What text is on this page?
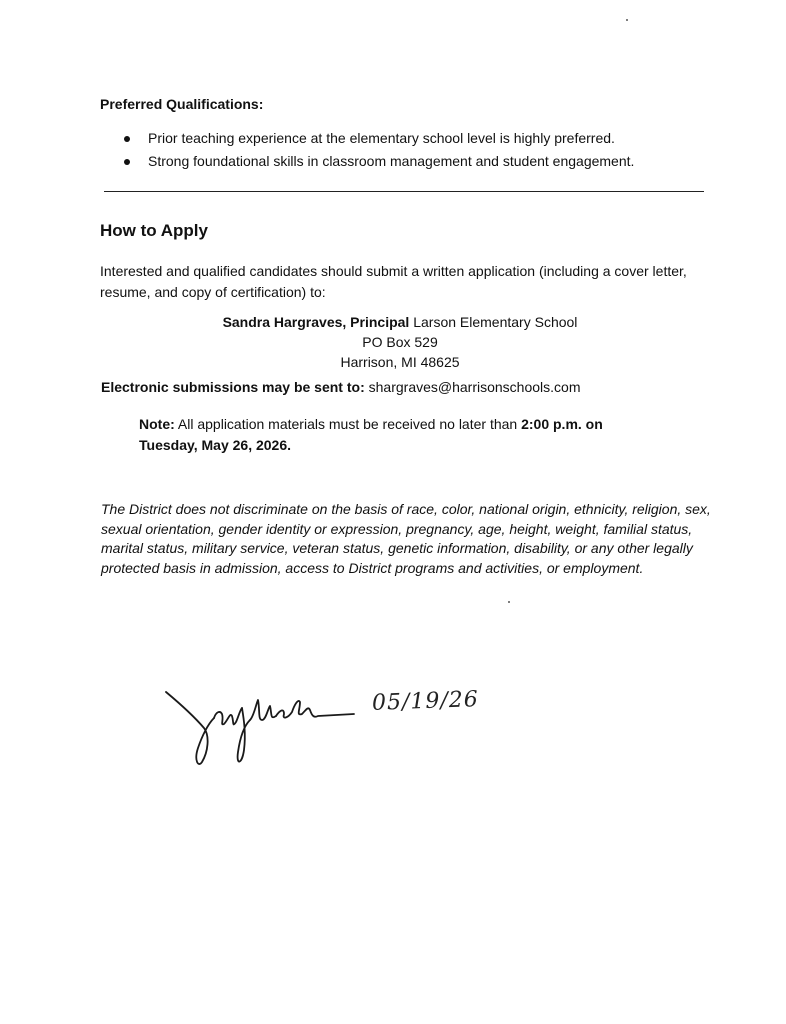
Preferred Qualifications:
Prior teaching experience at the elementary school level is highly preferred.
Strong foundational skills in classroom management and student engagement.
How to Apply
Interested and qualified candidates should submit a written application (including a cover letter, resume, and copy of certification) to:
Sandra Hargraves, Principal Larson Elementary School
PO Box 529
Harrison, MI 48625
Electronic submissions may be sent to: shargraves@harrisonschools.com
Note: All application materials must be received no later than 2:00 p.m. on Tuesday, May 26, 2026.
The District does not discriminate on the basis of race, color, national origin, ethnicity, religion, sex, sexual orientation, gender identity or expression, pregnancy, age, height, weight, familial status, marital status, military service, veteran status, genetic information, disability, or any other legally protected basis in admission, access to District programs and activities, or employment.
05/19/26
